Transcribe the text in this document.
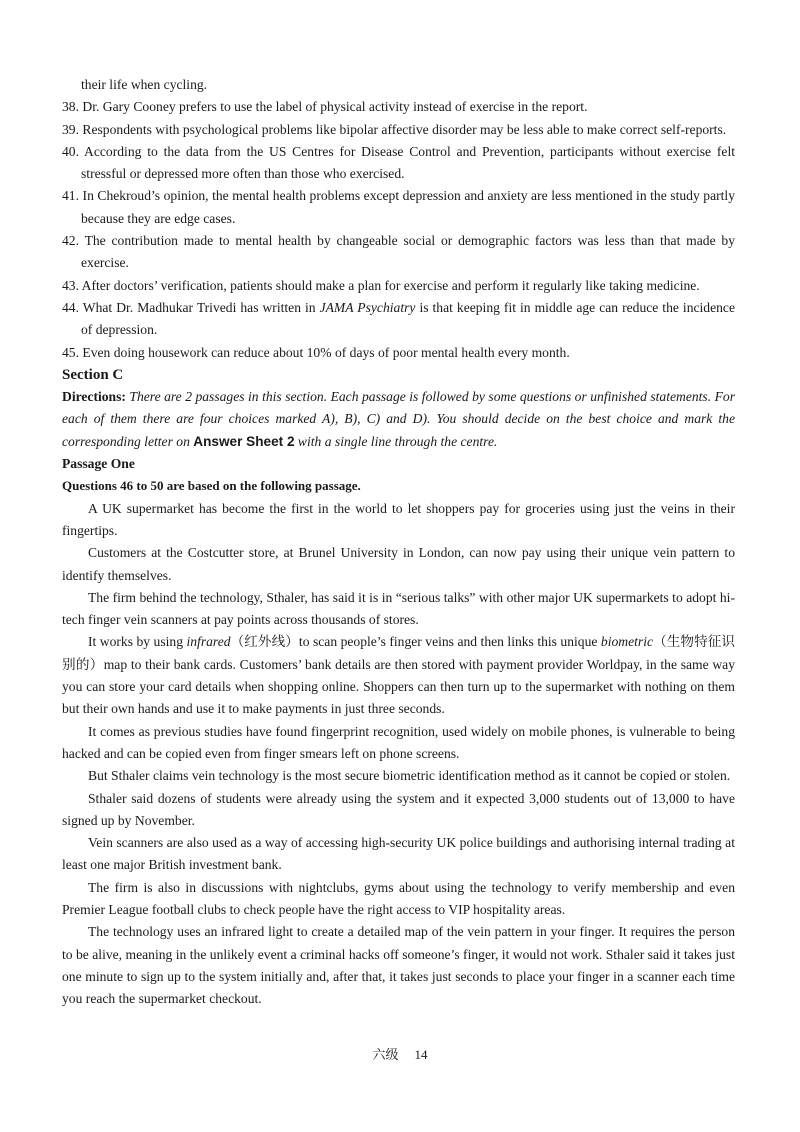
their life when cycling.
38. Dr. Gary Cooney prefers to use the label of physical activity instead of exercise in the report.
39. Respondents with psychological problems like bipolar affective disorder may be less able to make correct self-reports.
40. According to the data from the US Centres for Disease Control and Prevention, participants without exercise felt stressful or depressed more often than those who exercised.
41. In Chekroud’s opinion, the mental health problems except depression and anxiety are less mentioned in the study partly because they are edge cases.
42. The contribution made to mental health by changeable social or demographic factors was less than that made by exercise.
43. After doctors’ verification, patients should make a plan for exercise and perform it regularly like taking medicine.
44. What Dr. Madhukar Trivedi has written in JAMA Psychiatry is that keeping fit in middle age can reduce the incidence of depression.
45. Even doing housework can reduce about 10% of days of poor mental health every month.
Section C
Directions: There are 2 passages in this section. Each passage is followed by some questions or unfinished statements. For each of them there are four choices marked A), B), C) and D). You should decide on the best choice and mark the corresponding letter on Answer Sheet 2 with a single line through the centre.
Passage One
Questions 46 to 50 are based on the following passage.

A UK supermarket has become the first in the world to let shoppers pay for groceries using just the veins in their fingertips.

Customers at the Costcutter store, at Brunel University in London, can now pay using their unique vein pattern to identify themselves.

The firm behind the technology, Sthaler, has said it is in “serious talks” with other major UK supermarkets to adopt hi-tech finger vein scanners at pay points across thousands of stores.

It works by using infrared（红外线）to scan people’s finger veins and then links this unique biometric（生物特征识别的）map to their bank cards. Customers’ bank details are then stored with payment provider Worldpay, in the same way you can store your card details when shopping online. Shoppers can then turn up to the supermarket with nothing on them but their own hands and use it to make payments in just three seconds.

It comes as previous studies have found fingerprint recognition, used widely on mobile phones, is vulnerable to being hacked and can be copied even from finger smears left on phone screens.

But Sthaler claims vein technology is the most secure biometric identification method as it cannot be copied or stolen.

Sthaler said dozens of students were already using the system and it expected 3,000 students out of 13,000 to have signed up by November.

Vein scanners are also used as a way of accessing high-security UK police buildings and authorising internal trading at least one major British investment bank.

The firm is also in discussions with nightclubs, gyms about using the technology to verify membership and even Premier League football clubs to check people have the right access to VIP hospitality areas.

The technology uses an infrared light to create a detailed map of the vein pattern in your finger. It requires the person to be alive, meaning in the unlikely event a criminal hacks off someone’s finger, it would not work. Sthaler said it takes just one minute to sign up to the system initially and, after that, it takes just seconds to place your finger in a scanner each time you reach the supermarket checkout.

六级 14
